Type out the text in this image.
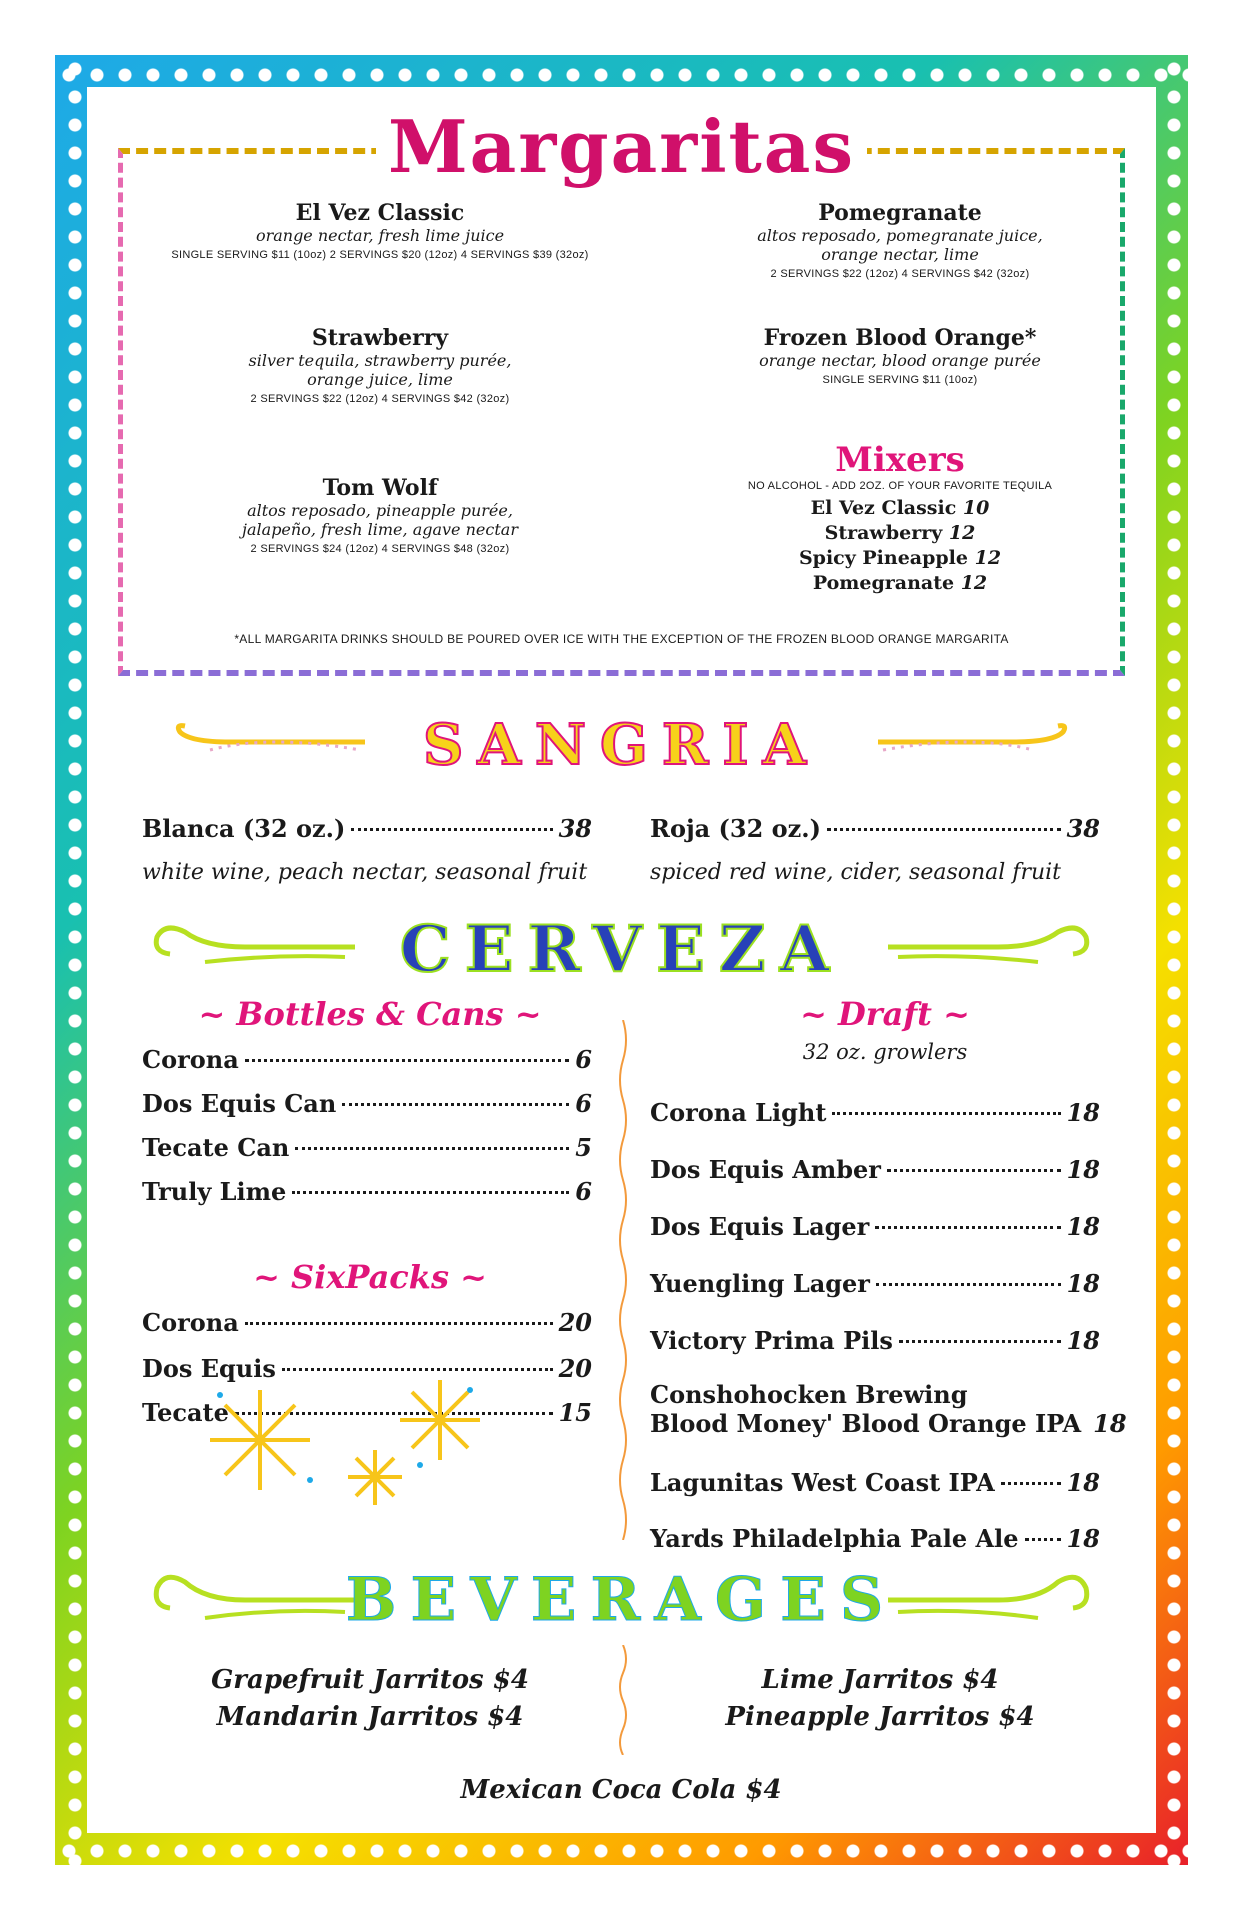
Margaritas
El Vez Classic
orange nectar, fresh lime juice
SINGLE SERVING $11 (10oz) 2 SERVINGS $20 (12oz) 4 SERVINGS $39 (32oz)
Pomegranate
altos reposado, pomegranate juice,
orange nectar, lime
2 SERVINGS $22 (12oz) 4 SERVINGS $42 (32oz)
Strawberry
silver tequila, strawberry purée,
orange juice, lime
2 SERVINGS $22 (12oz) 4 SERVINGS $42 (32oz)
Frozen Blood Orange*
orange nectar, blood orange purée
SINGLE SERVING $11 (10oz)
Tom Wolf
altos reposado, pineapple purée,
jalapeño, fresh lime, agave nectar
2 SERVINGS $24 (12oz) 4 SERVINGS $48 (32oz)
Mixers
NO ALCOHOL - ADD 2OZ. OF YOUR FAVORITE TEQUILA
El Vez Classic 10
Strawberry 12
Spicy Pineapple 12
Pomegranate 12
*ALL MARGARITA DRINKS SHOULD BE POURED OVER ICE WITH THE EXCEPTION OF THE FROZEN BLOOD ORANGE MARGARITA
SANGRIA
Blanca (32 oz.)	38
white wine, peach nectar, seasonal fruit
Roja (32 oz.)	38
spiced red wine, cider, seasonal fruit
CERVEZA
~ Bottles & Cans ~
Corona	6
Dos Equis Can	6
Tecate Can	5
Truly Lime	6
~ SixPacks ~
Corona	20
Dos Equis	20
Tecate	15
~ Draft ~
32 oz. growlers
Corona Light	18
Dos Equis Amber	18
Dos Equis Lager	18
Yuengling Lager	18
Victory Prima Pils	18
Conshohocken Brewing
Blood Money' Blood Orange IPA 18
Lagunitas West Coast IPA	18
Yards Philadelphia Pale Ale 18
BEVERAGES
Grapefruit Jarritos $4
Mandarin Jarritos $4
Lime Jarritos $4
Pineapple Jarritos $4
Mexican Coca Cola $4
